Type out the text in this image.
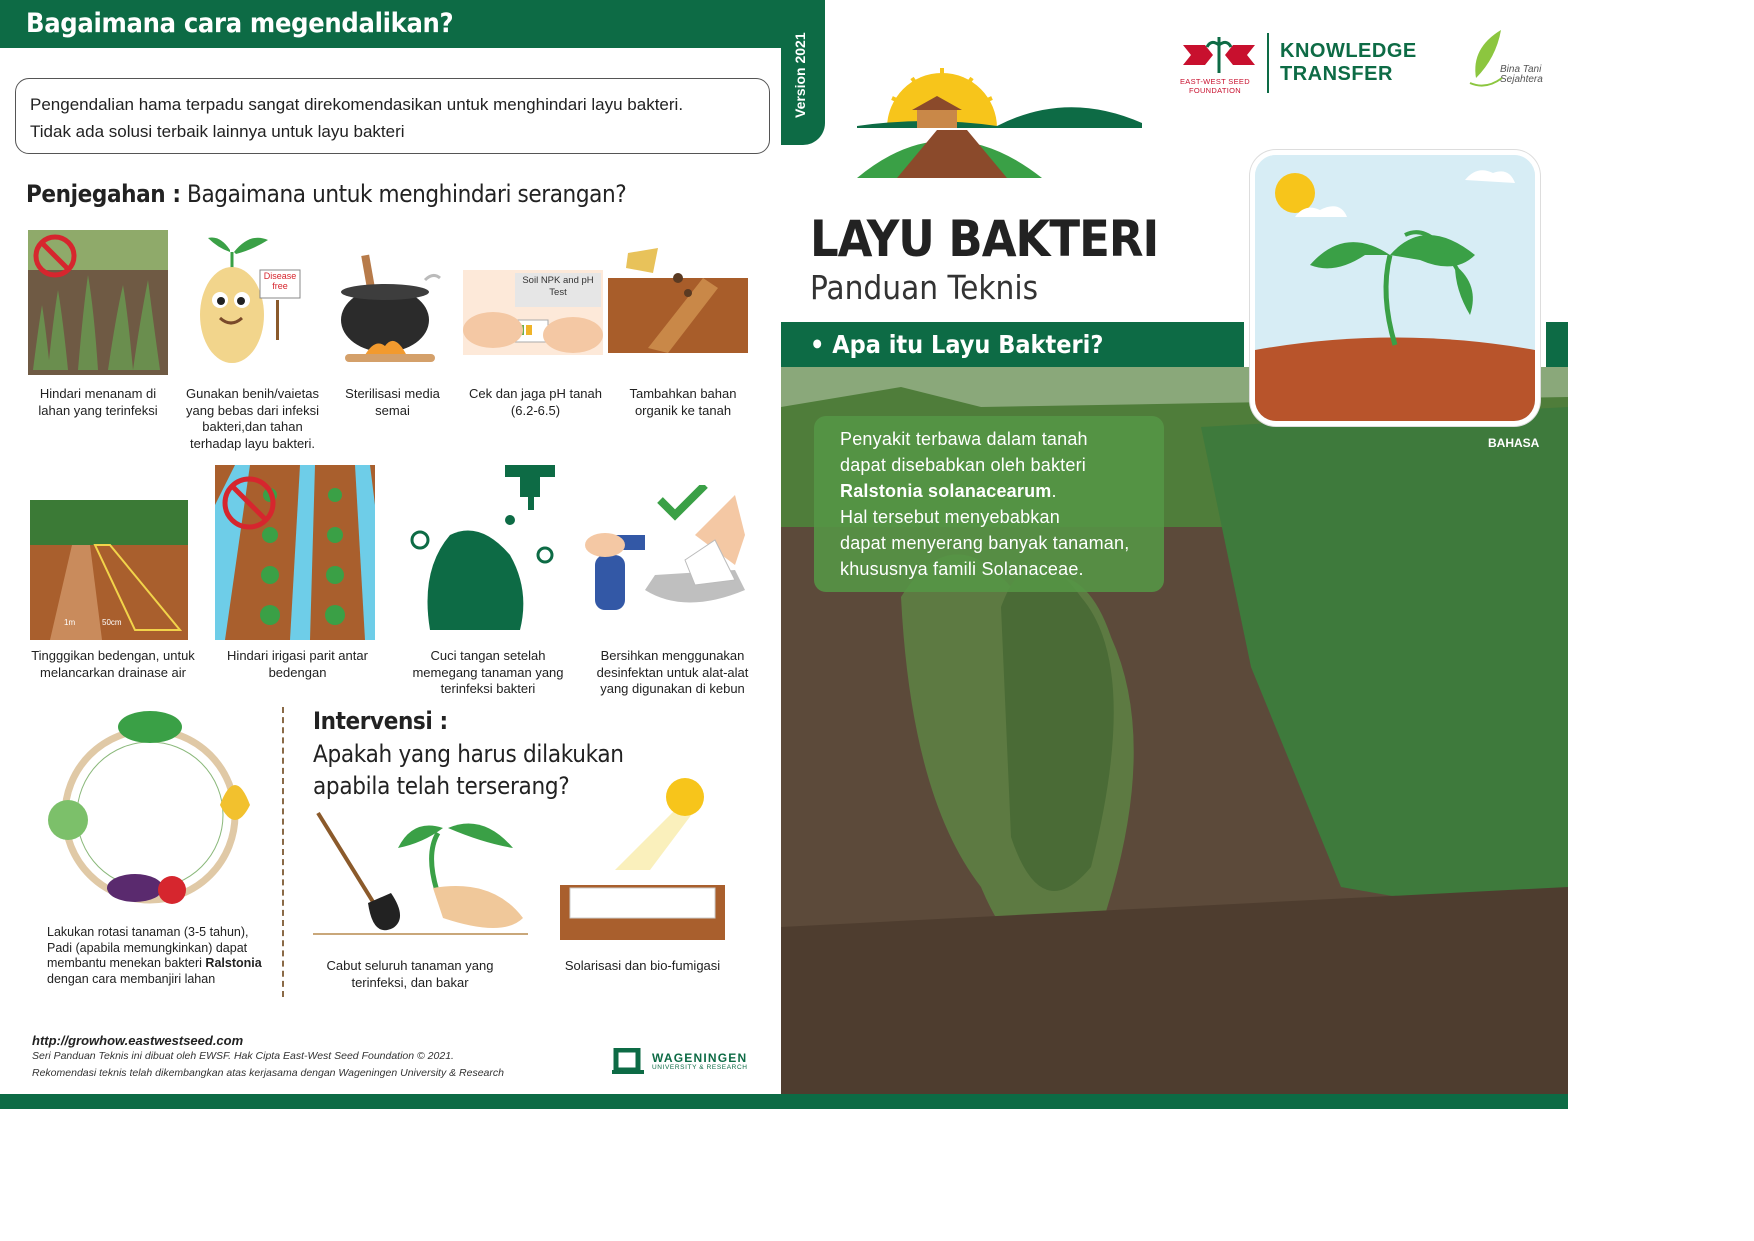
Bagaimana cara megendalikan?
Version 2021
Pengendalian hama terpadu sangat direkomendasikan untuk menghindari layu bakteri.
Tidak ada solusi terbaik lainnya untuk layu bakteri
Penjegahan : Bagaimana untuk menghindari serangan?
Hindari menanam di lahan yang terinfeksi
Disease free
Gunakan benih/vaietas yang bebas dari infeksi bakteri,dan tahan terhadap layu bakteri.
Sterilisasi media semai
Soil NPK and pH Test
Cek dan jaga pH tanah (6.2-6.5)
Tambahkan bahan organik ke tanah
1m	50cm
Tingggikan bedengan, untuk melancarkan drainase air
Hindari irigasi parit antar bedengan
Cuci tangan setelah memegang tanaman yang terinfeksi bakteri
Bersihkan menggunakan desinfektan untuk alat-alat yang digunakan di kebun
Lakukan rotasi tanaman (3-5 tahun), Padi (apabila memungkinkan) dapat membantu menekan bakteri Ralstonia dengan cara membanjiri lahan
Intervensi :
Apakah yang harus dilakukan
apabila telah terserang?
Cabut seluruh tanaman yang terinfeksi, dan bakar
Solarisasi dan bio-fumigasi
http://growhow.eastwestseed.com
Seri Panduan Teknis ini dibuat oleh EWSF. Hak Cipta East-West Seed Foundation © 2021.
Rekomendasi teknis telah dikembangkan atas kerjasama dengan Wageningen University & Research
WAGENINGEN
UNIVERSITY & RESEARCH
EAST-WEST SEED
FOUNDATION
KNOWLEDGE
TRANSFER	Bina Tani
Sejahtera
LAYU BAKTERI
Panduan Teknis
• Apa itu Layu Bakteri?
BAHASA
Penyakit terbawa dalam tanah
dapat disebabkan oleh bakteri
Ralstonia solanacearum.
Hal tersebut menyebabkan
dapat menyerang banyak tanaman,
khususnya famili Solanaceae.
